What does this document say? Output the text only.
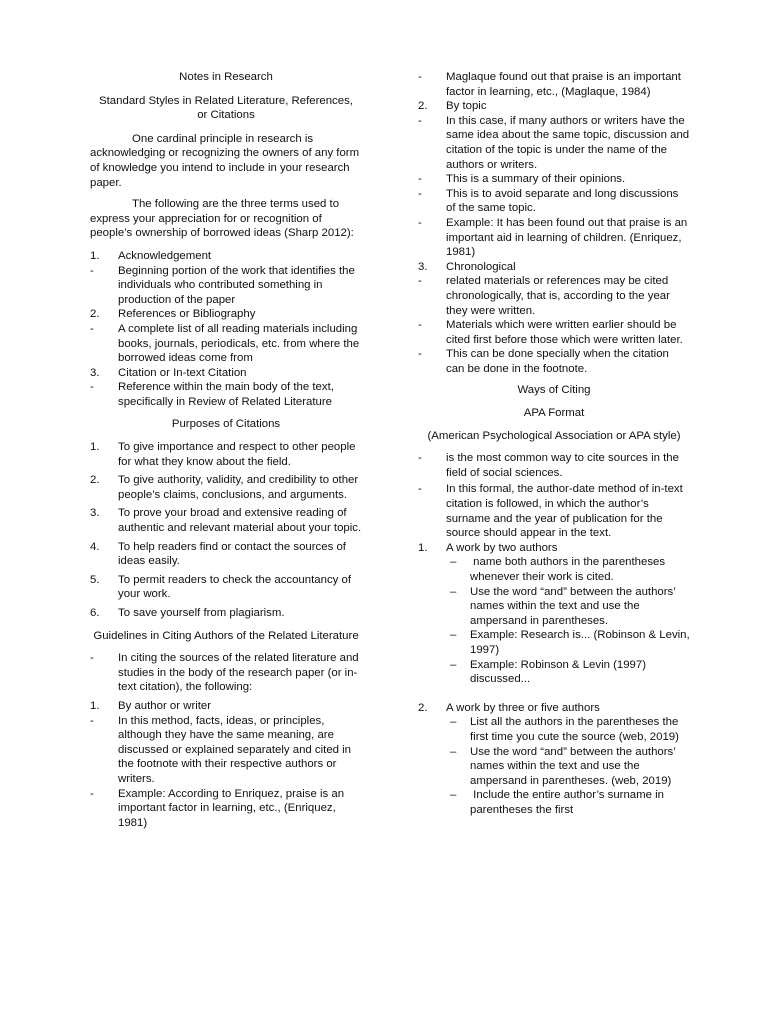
Notes in Research
Standard Styles in Related Literature, References, or Citations

One cardinal principle in research is acknowledging or recognizing the owners of any form of knowledge you intend to include in your research paper.

The following are the three terms used to express your appreciation for or recognition of people’s ownership of borrowed ideas (Sharp 2012):

1.	Acknowledgement
-	Beginning portion of the work that identifies the individuals who contributed something in production of the paper
2.	References or Bibliography
-	A complete list of all reading materials including books, journals, periodicals, etc. from where the borrowed ideas come from
3.	Citation or In-text Citation
-	Reference within the main body of the text, specifically in Review of Related Literature
Purposes of Citations
1.	To give importance and respect to other people for what they know about the field.
2.	To give authority, validity, and credibility to other people’s claims, conclusions, and arguments.
3.	To prove your broad and extensive reading of authentic and relevant material about your topic.
4.	To help readers find or contact the sources of ideas easily.
5.	To permit readers to check the accountancy of your work.
6.	To save yourself from plagiarism.
Guidelines in Citing Authors of the Related Literature
-	In citing the sources of the related literature and studies in the body of the research paper (or in-text citation), the following:
1.	By author or writer
-	In this method, facts, ideas, or principles, although they have the same meaning, are discussed or explained separately and cited in the footnote with their respective authors or writers.
-	Example: According to Enriquez, praise is an important factor in learning, etc., (Enriquez, 1981)
-	Maglaque found out that praise is an important factor in learning, etc., (Maglaque, 1984)
2.	By topic
-	In this case, if many authors or writers have the same idea about the same topic, discussion and citation of the topic is under the name of the authors or writers.
-	This is a summary of their opinions.
-	This is to avoid separate and long discussions of the same topic.
-	Example: It has been found out that praise is an important aid in learning of children. (Enriquez, 1981)
3.	Chronological
-	related materials or references may be cited chronologically, that is, according to the year they were written.
-	Materials which were written earlier should be cited first before those which were written later.
-	This can be done specially when the citation can be done in the footnote.
Ways of Citing
APA Format
(American Psychological Association or APA style)
-	is the most common way to cite sources in the field of social sciences.
-	In this formal, the author-date method of in-text citation is followed, in which the author’s surname and the year of publication for the source should appear in the text.
1.	A work by two authors
–	name both authors in the parentheses whenever their work is cited.
–	Use the word “and” between the authors’ names within the text and use the ampersand in parentheses.
–	Example: Research is... (Robinson & Levin, 1997)
–	Example: Robinson & Levin (1997) discussed...
2.	A work by three or five authors
–	List all the authors in the parentheses the first time you cute the source (web, 2019)
–	Use the word “and” between the authors’ names within the text and use the ampersand in parentheses. (web, 2019)
–	Include the entire author’s surname in parentheses the first
